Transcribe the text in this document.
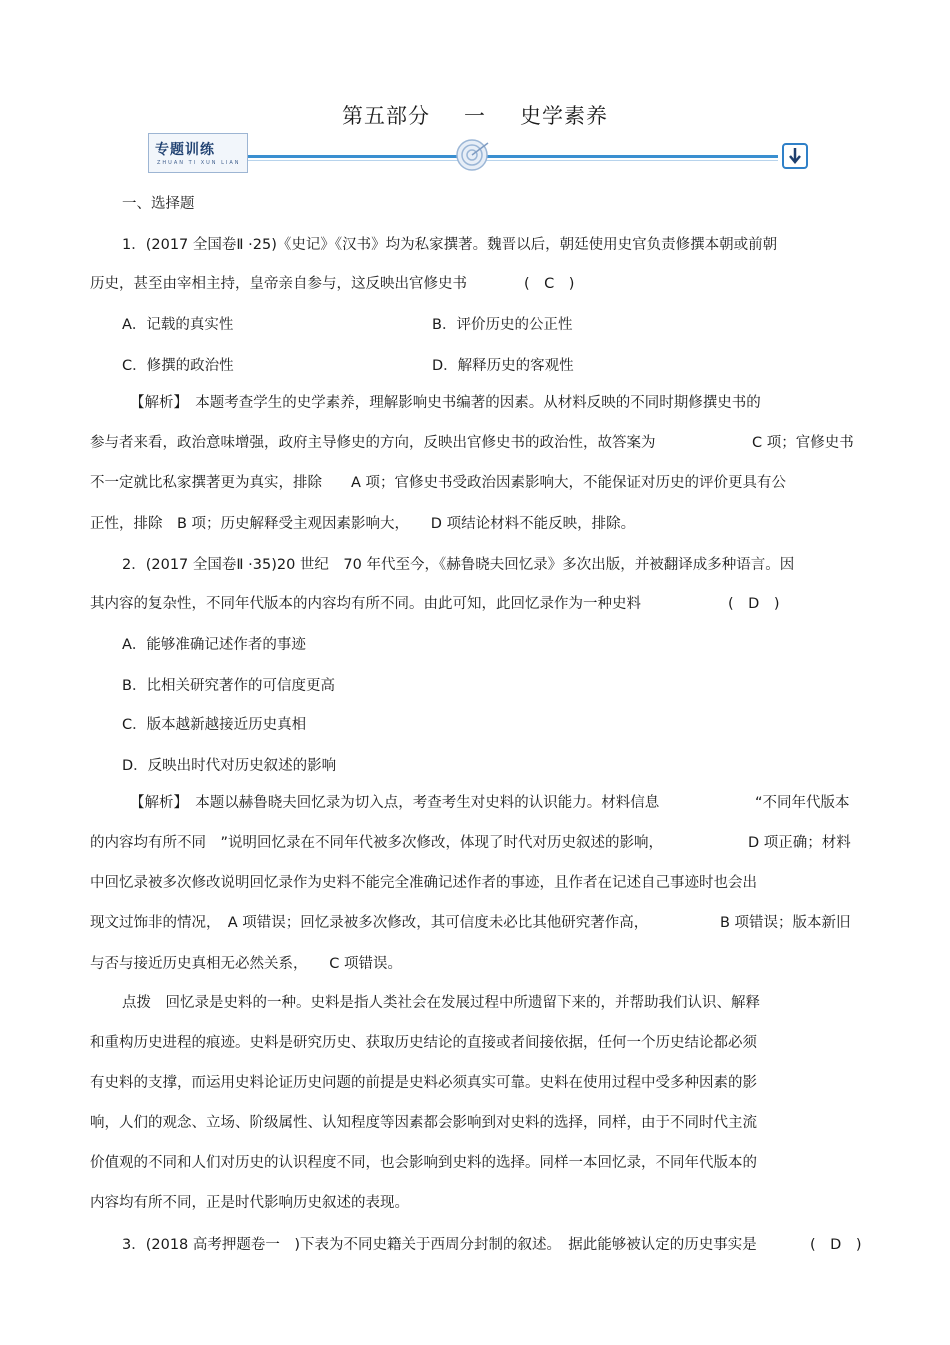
第五部分 一 史学素养
专题训练
ZHUAN TI XUN LIAN
一、选择题
1．(2017 全国卷Ⅱ ·25)《史记》《汉书》均为私家撰著。魏晋以后，朝廷使用史官负责修撰本朝或前朝
历史，甚至由宰相主持，皇帝亲自参与，这反映出官修史书	(　C　)
A．记载的真实性	B．评价历史的公正性
C．修撰的政治性	D．解释历史的客观性
【解析】　本题考查学生的史学素养，理解影响史书编著的因素。从材料反映的不同时期修撰史书的
参与者来看，政治意味增强，政府主导修史的方向，反映出官修史书的政治性，故答案为	C 项；官修史书
不一定就比私家撰著更为真实，排除　　A 项；官修史书受政治因素影响大，不能保证对历史的评价更具有公
正性，排除　B 项；历史解释受主观因素影响大，　　D 项结论材料不能反映，排除。
2．(2017 全国卷Ⅱ ·35)20 世纪　70 年代至今，《赫鲁晓夫回忆录》多次出版，并被翻译成多种语言。因
其内容的复杂性，不同年代版本的内容均有所不同。由此可知，此回忆录作为一种史料	(　D　)
A．能够准确记述作者的事迹
B．比相关研究著作的可信度更高
C．版本越新越接近历史真相
D．反映出时代对历史叙述的影响
【解析】　本题以赫鲁晓夫回忆录为切入点，考查考生对史料的认识能力。材料信息	“不同年代版本
的内容均有所不同　”说明回忆录在不同年代被多次修改，体现了时代对历史叙述的影响，	D 项正确；材料
中回忆录被多次修改说明回忆录作为史料不能完全准确记述作者的事迹，且作者在记述自己事迹时也会出
现文过饰非的情况，　A 项错误；回忆录被多次修改，其可信度未必比其他研究著作高，	B 项错误；版本新旧
与否与接近历史真相无必然关系，　　C 项错误。
点拨　回忆录是史料的一种。史料是指人类社会在发展过程中所遗留下来的，并帮助我们认识、解释
和重构历史进程的痕迹。史料是研究历史、获取历史结论的直接或者间接依据，任何一个历史结论都必须
有史料的支撑，而运用史料论证历史问题的前提是史料必须真实可靠。史料在使用过程中受多种因素的影
响，人们的观念、立场、阶级属性、认知程度等因素都会影响到对史料的选择，同样，由于不同时代主流
价值观的不同和人们对历史的认识程度不同，也会影响到史料的选择。同样一本回忆录，不同年代版本的
内容均有所不同，正是时代影响历史叙述的表现。
3．(2018 高考押题卷一　)下表为不同史籍关于西周分封制的叙述。　据此能够被认定的历史事实是	(　D　)
